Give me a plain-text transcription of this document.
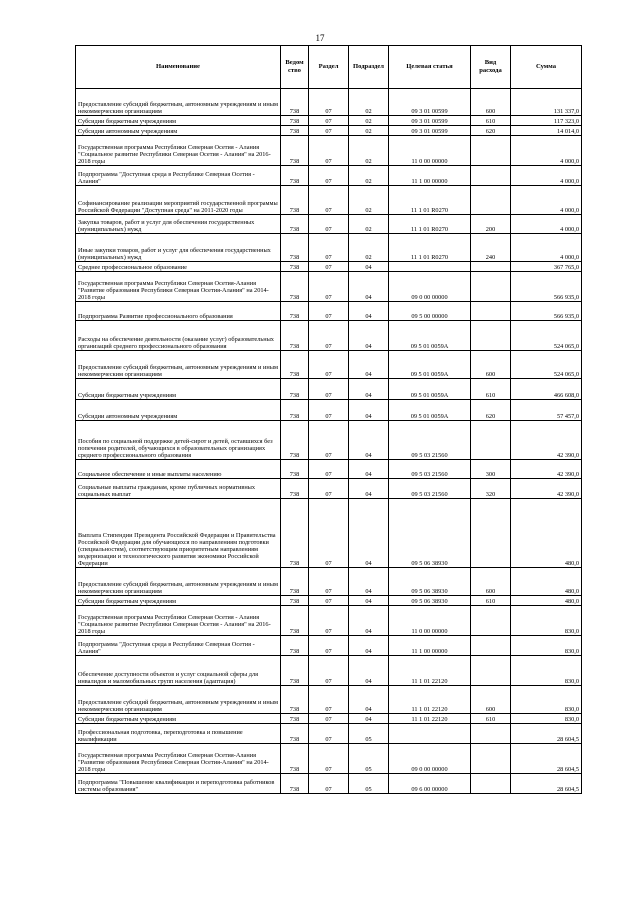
17
Наименование	Ведом ство	Раздел	Подраздел	Целевая статья	Вид расхода	Сумма
Предоставление субсидий бюджетным, автономным учреждениям и иным некоммерческим организациям	738	07	02	09 3 01 00599	600	131 337,0
Субсидии бюджетным учреждениям	738	07	02	09 3 01 00599	610	117 323,0
Субсидии автономным учреждениям	738	07	02	09 3 01 00599	620	14 014,0
Государственная программа Республики Северная Осетия - Алания "Социальное развитие Республики Северная Осетия - Алания" на 2016-2018 годы	738	07	02	11 0 00 00000		4 000,0
Подпрограмма "Доступная среда в Республике Северная Осетия - Алания"	738	07	02	11 1 00 00000		4 000,0
Софинансирование реализации мероприятий государственной программы Российской Федерации "Доступная среда" на 2011-2020 годы	738	07	02	11 1 01 R0270		4 000,0
Закупка товаров, работ и услуг для обеспечения государственных (муниципальных) нужд	738	07	02	11 1 01 R0270	200	4 000,0
Иные закупки товаров, работ и услуг для обеспечения государственных (муниципальных) нужд	738	07	02	11 1 01 R0270	240	4 000,0
Среднее профессиональное образование	738	07	04			367 765,0
Государственная программа Республики Северная Осетия-Алания "Развитие образования Республики Северная Осетия-Алания" на 2014-2018 годы	738	07	04	09 0 00 00000		566 935,0
Подпрограмма Развитие профессионального образования	738	07	04	09 5 00 00000		566 935,0
Расходы на обеспечение деятельности (оказание услуг) образовательных организаций среднего профессионального образования	738	07	04	09 5 01 0059A		524 065,0
Предоставление субсидий бюджетным, автономным учреждениям и иным некоммерческим организациям	738	07	04	09 5 01 0059A	600	524 065,0
Субсидии бюджетным учреждениям	738	07	04	09 5 01 0059A	610	466 608,0
Субсидии автономным учреждениям	738	07	04	09 5 01 0059A	620	57 457,0
Пособия по социальной поддержке детей-сирот и детей, оставшихся без попечения родителей, обучающихся в образовательных организациях среднего профессионального образования	738	07	04	09 5 03 21560		42 390,0
Социальное обеспечение и иные выплаты населению	738	07	04	09 5 03 21560	300	42 390,0
Социальные выплаты гражданам, кроме публичных нормативных социальных выплат	738	07	04	09 5 03 21560	320	42 390,0
Выплата Стипендии Президента Российской Федерации и Правительства Российской Федерации для обучающихся по направлениям подготовки (специальностям), соответствующим приоритетным направлениям модернизации и технологического развития экономики Российской Федерации	738	07	04	09 5 06 38930		480,0
Предоставление субсидий бюджетным, автономным учреждениям и иным некоммерческим организациям	738	07	04	09 5 06 38930	600	480,0
Субсидии бюджетным учреждениям	738	07	04	09 5 06 38930	610	480,0
Государственная программа Республики Северная Осетия - Алания "Социальное развитие Республики Северная Осетия - Алания" на 2016-2018 годы	738	07	04	11 0 00 00000		830,0
Подпрограмма "Доступная среда в Республике Северная Осетия - Алания"	738	07	04	11 1 00 00000		830,0
Обеспечение доступности объектов и услуг социальной сферы для инвалидов и маломобильных групп населения (адаптация)	738	07	04	11 1 01 22120		830,0
Предоставление субсидий бюджетным, автономным учреждениям и иным некоммерческим организациям	738	07	04	11 1 01 22120	600	830,0
Субсидии бюджетным учреждениям	738	07	04	11 1 01 22120	610	830,0
Профессиональная подготовка, переподготовка и повышение квалификации	738	07	05			28 604,5
Государственная программа Республики Северная Осетия-Алания "Развитие образования Республики Северная Осетия-Алания" на 2014-2018 годы	738	07	05	09 0 00 00000		28 604,5
Подпрограмма "Повышение квалификации и переподготовка работников системы образования"	738	07	05	09 6 00 00000		28 604,5
